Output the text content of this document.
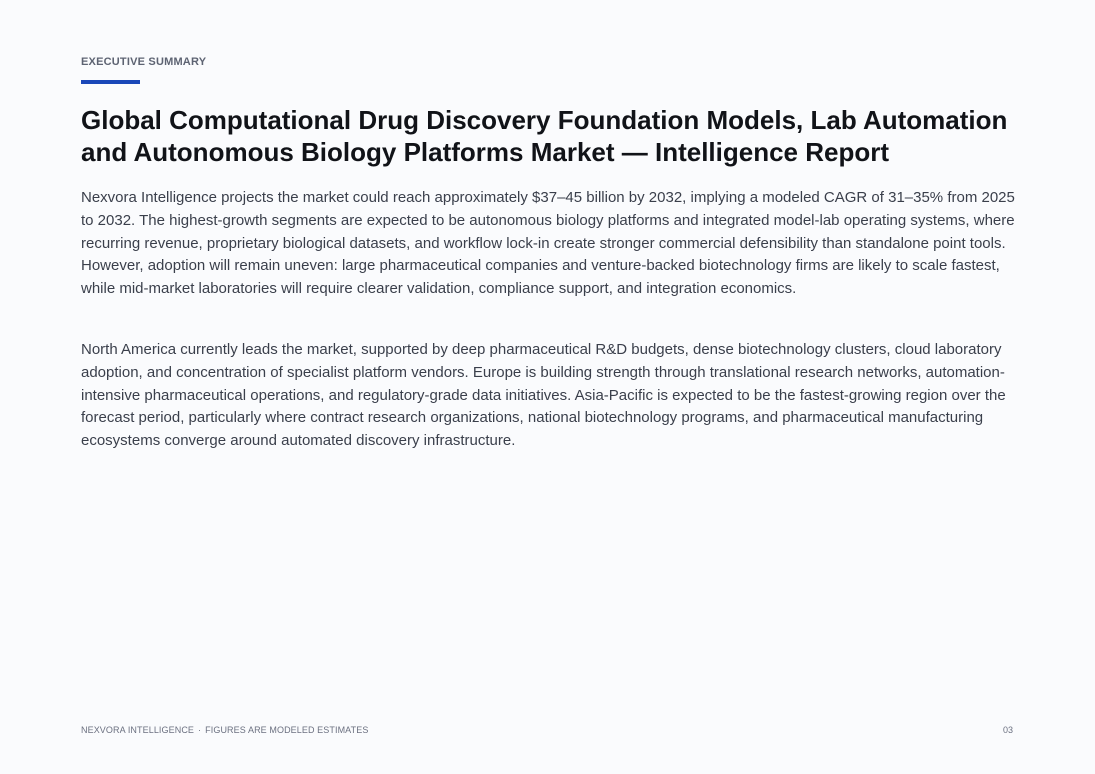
EXECUTIVE SUMMARY
Global Computational Drug Discovery Foundation Models, Lab Automation and Autonomous Biology Platforms Market — Intelligence Report

Nexvora Intelligence projects the market could reach approximately $37–45 billion by 2032, implying a modeled CAGR of 31–35% from 2025 to 2032. The highest-growth segments are expected to be autonomous biology platforms and integrated model-lab operating systems, where recurring revenue, proprietary biological datasets, and workflow lock-in create stronger commercial defensibility than standalone point tools. However, adoption will remain uneven: large pharmaceutical companies and venture-backed biotechnology firms are likely to scale fastest, while mid-market laboratories will require clearer validation, compliance support, and integration economics.

North America currently leads the market, supported by deep pharmaceutical R&D budgets, dense biotechnology clusters, cloud laboratory adoption, and concentration of specialist platform vendors. Europe is building strength through translational research networks, automation-intensive pharmaceutical operations, and regulatory-grade data initiatives. Asia-Pacific is expected to be the fastest-growing region over the forecast period, particularly where contract research organizations, national biotechnology programs, and pharmaceutical manufacturing ecosystems converge around automated discovery infrastructure.

NEXVORA INTELLIGENCE · FIGURES ARE MODELED ESTIMATES	03
